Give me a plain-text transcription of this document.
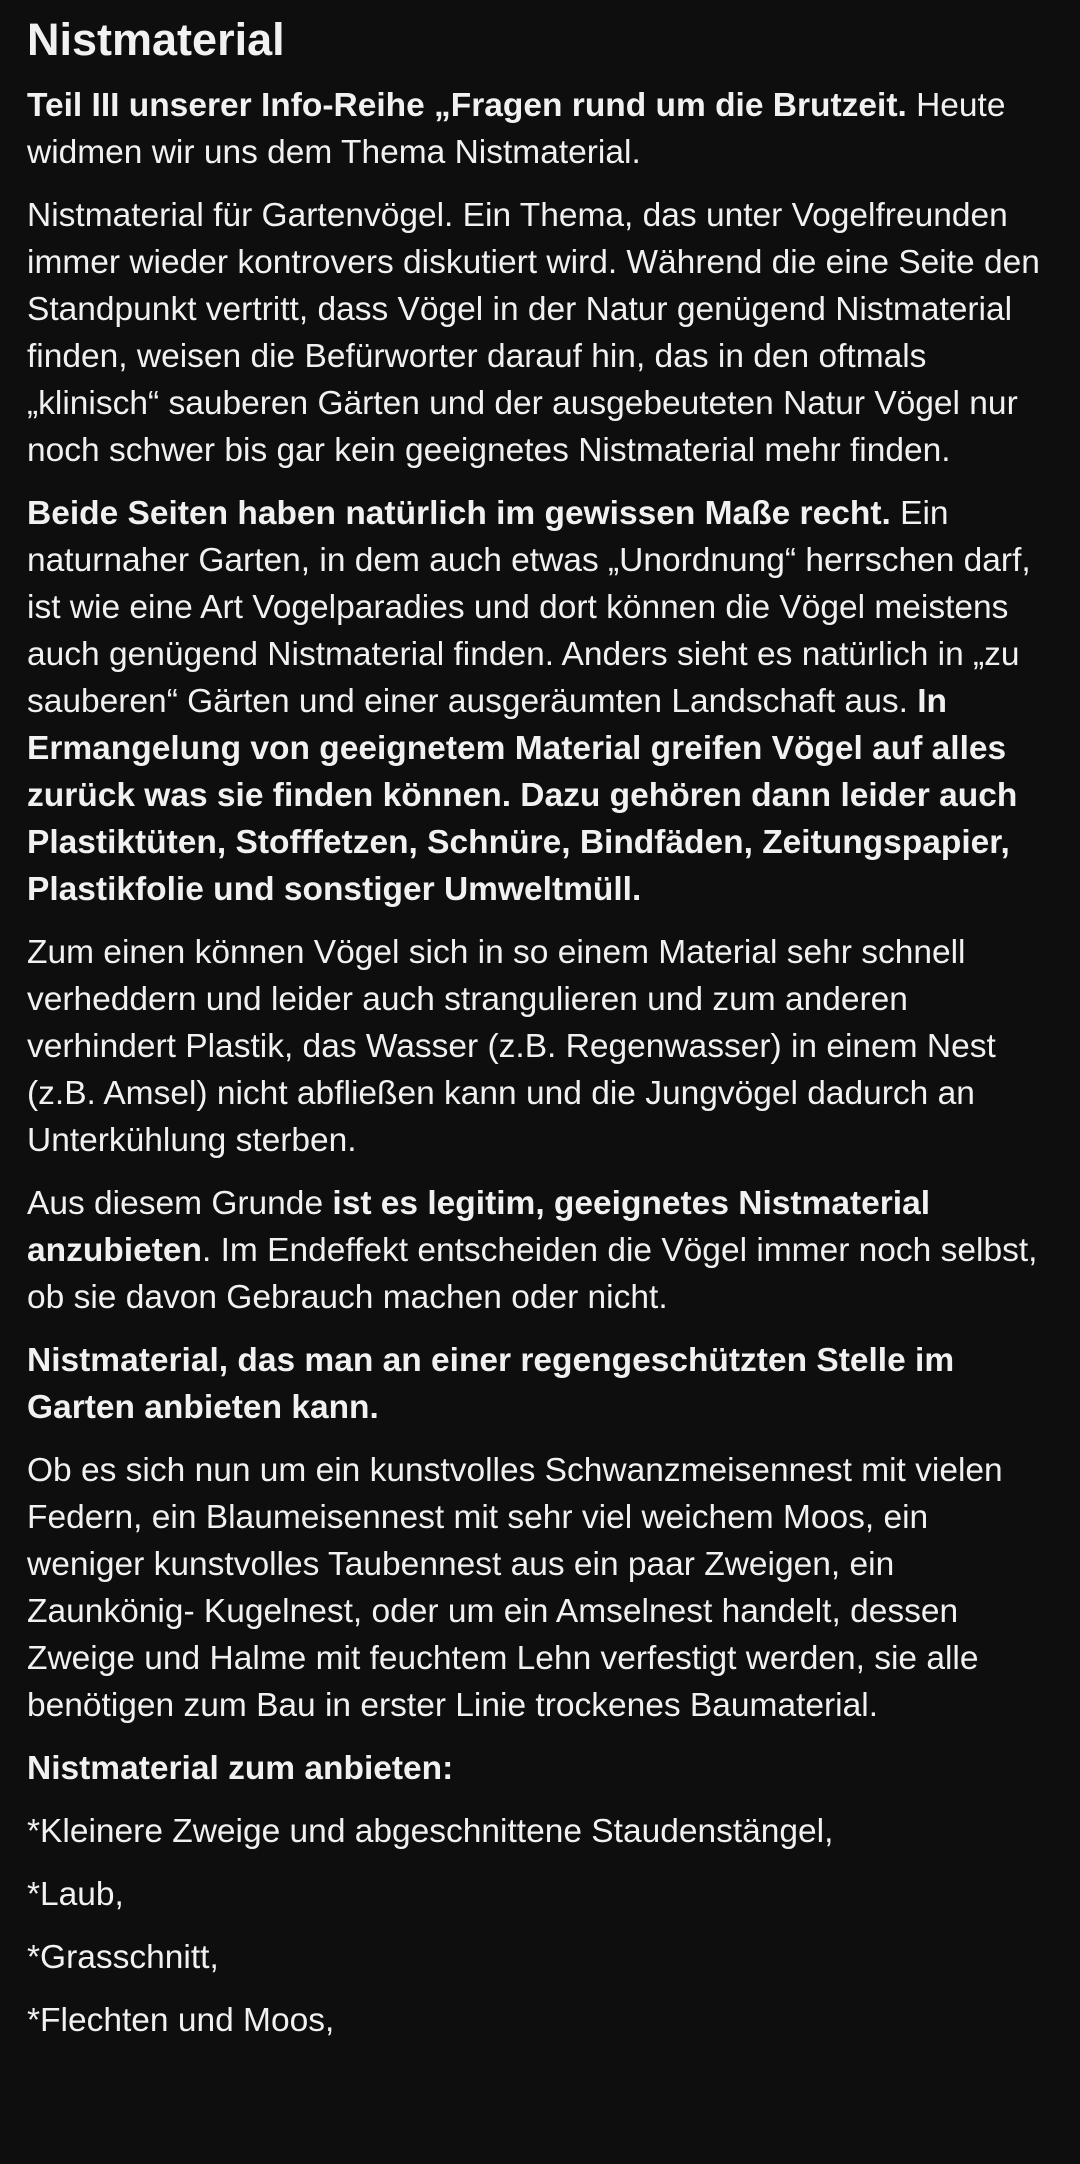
Nistmaterial

Teil III unserer Info-Reihe „Fragen rund um die Brutzeit. Heute widmen wir uns dem Thema Nistmaterial.

Nistmaterial für Gartenvögel. Ein Thema, das unter Vogelfreunden immer wieder kontrovers diskutiert wird. Während die eine Seite den Standpunkt vertritt, dass Vögel in der Natur genügend Nistmaterial finden, weisen die Befürworter darauf hin, das in den oftmals „klinisch“ sauberen Gärten und der ausgebeuteten Natur Vögel nur noch schwer bis gar kein geeignetes Nistmaterial mehr finden.

Beide Seiten haben natürlich im gewissen Maße recht. Ein naturnaher Garten, in dem auch etwas „Unordnung“ herrschen darf, ist wie eine Art Vogelparadies und dort können die Vögel meistens auch genügend Nistmaterial finden. Anders sieht es natürlich in „zu sauberen“ Gärten und einer ausgeräumten Landschaft aus. In Ermangelung von geeignetem Material greifen Vögel auf alles zurück was sie finden können. Dazu gehören dann leider auch Plastiktüten, Stofffetzen, Schnüre, Bindfäden, Zeitungspapier, Plastikfolie und sonstiger Umweltmüll.

Zum einen können Vögel sich in so einem Material sehr schnell verheddern und leider auch strangulieren und zum anderen verhindert Plastik, das Wasser (z.B. Regenwasser) in einem Nest (z.B. Amsel) nicht abfließen kann und die Jungvögel dadurch an Unterkühlung sterben.

Aus diesem Grunde ist es legitim, geeignetes Nistmaterial anzubieten. Im Endeffekt entscheiden die Vögel immer noch selbst, ob sie davon Gebrauch machen oder nicht.

Nistmaterial, das man an einer regengeschützten Stelle im Garten anbieten kann.

Ob es sich nun um ein kunstvolles Schwanzmeisennest mit vielen Federn, ein Blaumeisennest mit sehr viel weichem Moos, ein weniger kunstvolles Taubennest aus ein paar Zweigen, ein Zaunkönig- Kugelnest, oder um ein Amselnest handelt, dessen Zweige und Halme mit feuchtem Lehn verfestigt werden, sie alle benötigen zum Bau in erster Linie trockenes Baumaterial.

Nistmaterial zum anbieten:

*Kleinere Zweige und abgeschnittene Staudenstängel,

*Laub,

*Grasschnitt,

*Flechten und Moos,
